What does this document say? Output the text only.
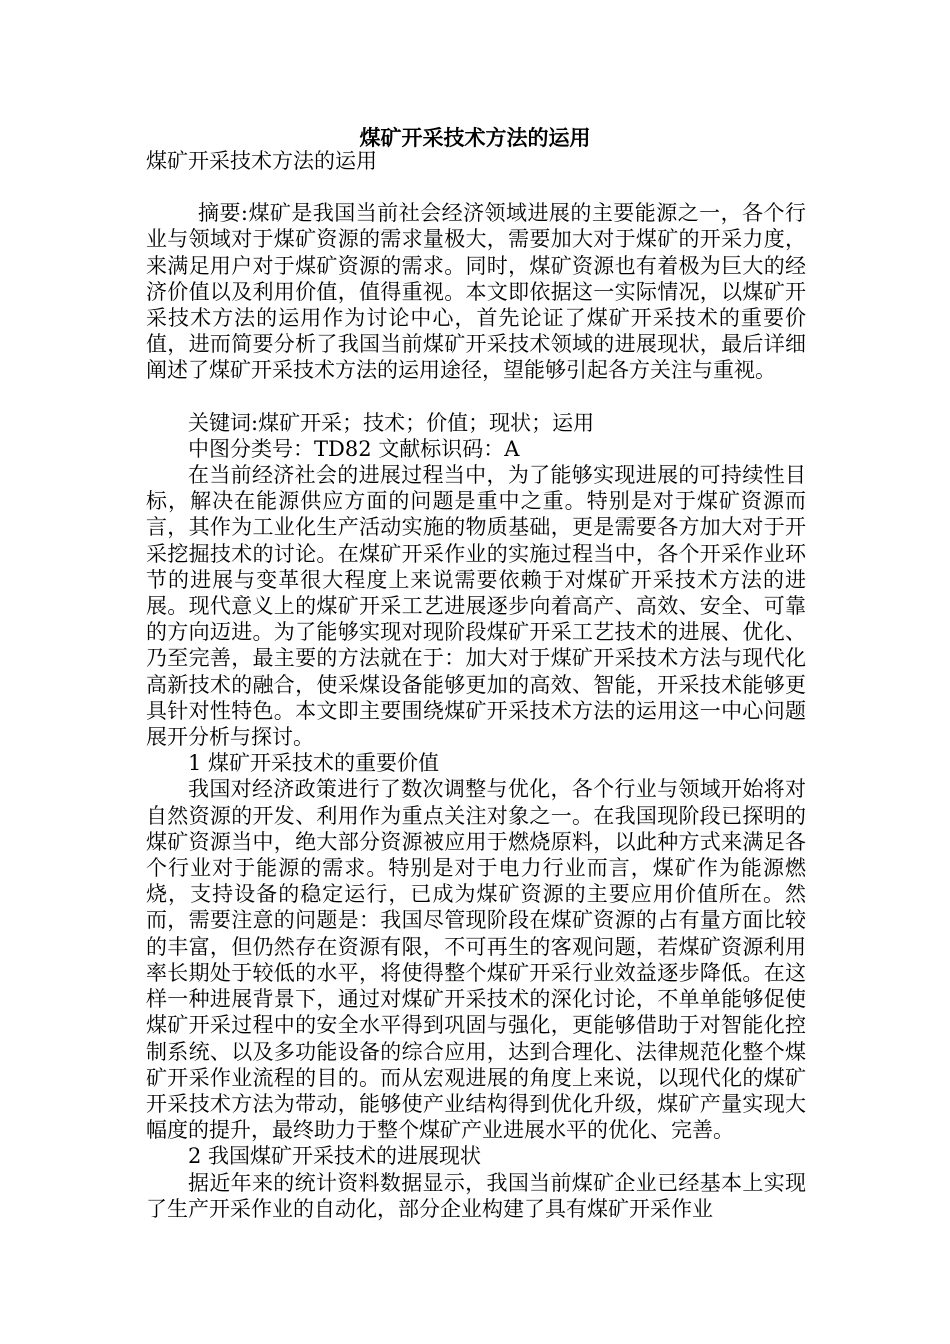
煤矿开采技术方法的运用
煤矿开采技术方法的运用

摘要:煤矿是我国当前社会经济领域进展的主要能源之一，各个行业与领域对于煤矿资源的需求量极大，需要加大对于煤矿的开采力度，来满足用户对于煤矿资源的需求。同时，煤矿资源也有着极为巨大的经济价值以及利用价值，值得重视。本文即依据这一实际情况，以煤矿开采技术方法的运用作为讨论中心，首先论证了煤矿开采技术的重要价值，进而简要分析了我国当前煤矿开采技术领域的进展现状，最后详细阐述了煤矿开采技术方法的运用途径，望能够引起各方关注与重视。

关键词:煤矿开采；技术；价值；现状；运用
中图分类号：TD82 文献标识码：A

在当前经济社会的进展过程当中，为了能够实现进展的可持续性目标，解决在能源供应方面的问题是重中之重。特别是对于煤矿资源而言，其作为工业化生产活动实施的物质基础，更是需要各方加大对于开采挖掘技术的讨论。在煤矿开采作业的实施过程当中，各个开采作业环节的进展与变革很大程度上来说需要依赖于对煤矿开采技术方法的进展。现代意义上的煤矿开采工艺进展逐步向着高产、高效、安全、可靠的方向迈进。为了能够实现对现阶段煤矿开采工艺技术的进展、优化、乃至完善，最主要的方法就在于：加大对于煤矿开采技术方法与现代化高新技术的融合，使采煤设备能够更加的高效、智能，开采技术能够更具针对性特色。本文即主要围绕煤矿开采技术方法的运用这一中心问题展开分析与探讨。

1 煤矿开采技术的重要价值

我国对经济政策进行了数次调整与优化，各个行业与领域开始将对自然资源的开发、利用作为重点关注对象之一。在我国现阶段已探明的煤矿资源当中，绝大部分资源被应用于燃烧原料，以此种方式来满足各个行业对于能源的需求。特别是对于电力行业而言，煤矿作为能源燃烧，支持设备的稳定运行，已成为煤矿资源的主要应用价值所在。然而，需要注意的问题是：我国尽管现阶段在煤矿资源的占有量方面比较的丰富，但仍然存在资源有限，不可再生的客观问题，若煤矿资源利用率长期处于较低的水平，将使得整个煤矿开采行业效益逐步降低。在这样一种进展背景下，通过对煤矿开采技术的深化讨论，不单单能够促使煤矿开采过程中的安全水平得到巩固与强化，更能够借助于对智能化控制系统、以及多功能设备的综合应用，达到合理化、法律规范化整个煤矿开采作业流程的目的。而从宏观进展的角度上来说，以现代化的煤矿开采技术方法为带动，能够使产业结构得到优化升级，煤矿产量实现大幅度的提升，最终助力于整个煤矿产业进展水平的优化、完善。

2 我国煤矿开采技术的进展现状

据近年来的统计资料数据显示，我国当前煤矿企业已经基本上实现了生产开采作业的自动化，部分企业构建了具有煤矿开采作业
